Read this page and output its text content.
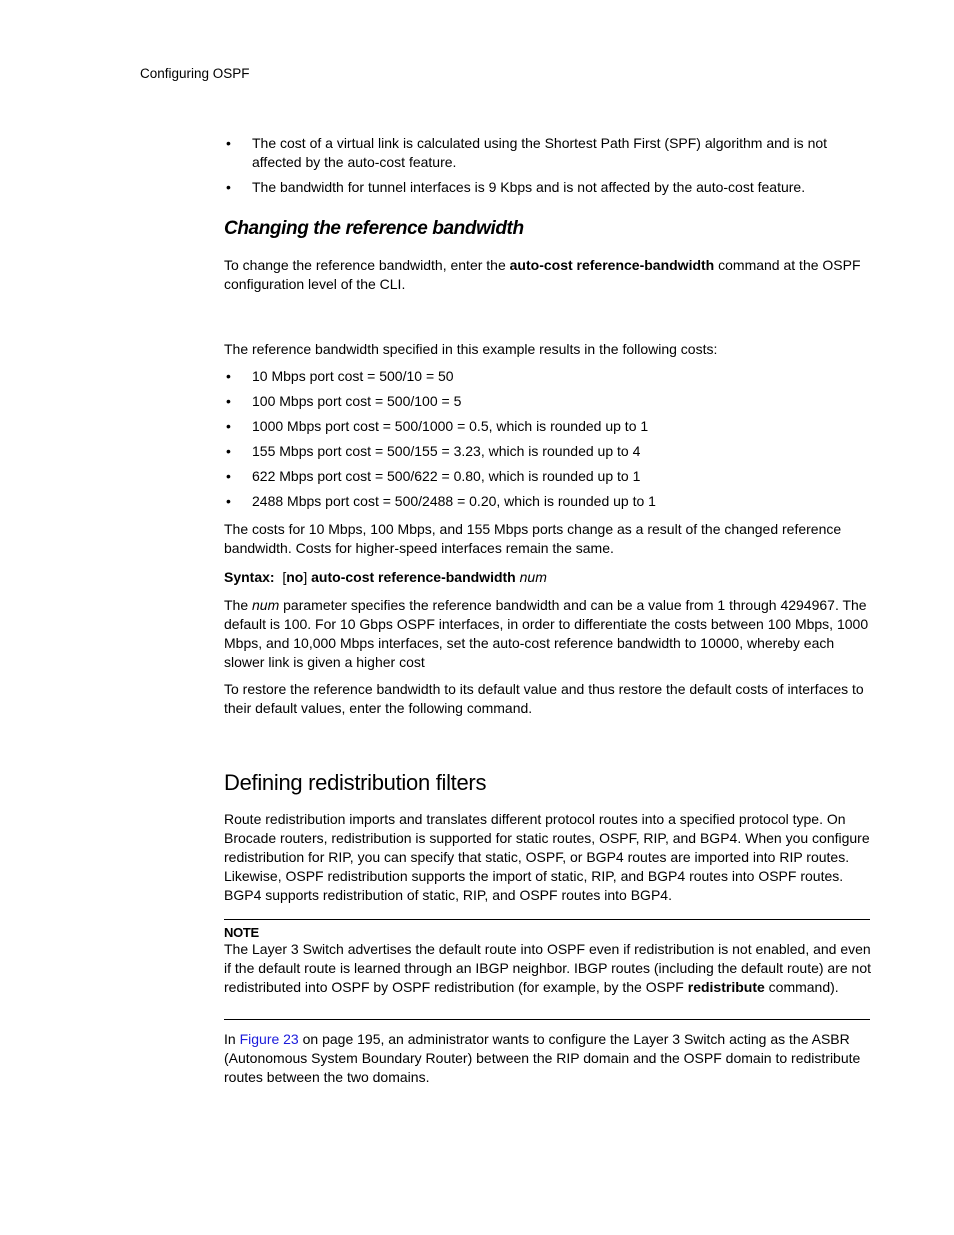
Configuring OSPF
• The cost of a virtual link is calculated using the Shortest Path First (SPF) algorithm and is not affected by the auto-cost feature.
• The bandwidth for tunnel interfaces is 9 Kbps and is not affected by the auto-cost feature.
Changing the reference bandwidth

To change the reference bandwidth, enter the auto-cost reference-bandwidth command at the OSPF configuration level of the CLI.

The reference bandwidth specified in this example results in the following costs:

• 10 Mbps port cost = 500/10 = 50
• 100 Mbps port cost = 500/100 = 5
• 1000 Mbps port cost = 500/1000 = 0.5, which is rounded up to 1
• 155 Mbps port cost = 500/155 = 3.23, which is rounded up to 4
• 622 Mbps port cost = 500/622 = 0.80, which is rounded up to 1
• 2488 Mbps port cost = 500/2488 = 0.20, which is rounded up to 1

The costs for 10 Mbps, 100 Mbps, and 155 Mbps ports change as a result of the changed reference bandwidth. Costs for higher-speed interfaces remain the same.

Syntax:  [no] auto-cost reference-bandwidth num

The num parameter specifies the reference bandwidth and can be a value from 1 through 4294967. The default is 100. For 10 Gbps OSPF interfaces, in order to differentiate the costs between 100 Mbps, 1000 Mbps, and 10,000 Mbps interfaces, set the auto-cost reference bandwidth to 10000, whereby each slower link is given a higher cost

To restore the reference bandwidth to its default value and thus restore the default costs of interfaces to their default values, enter the following command.

Defining redistribution filters

Route redistribution imports and translates different protocol routes into a specified protocol type. On Brocade routers, redistribution is supported for static routes, OSPF, RIP, and BGP4. When you configure redistribution for RIP, you can specify that static, OSPF, or BGP4 routes are imported into RIP routes. Likewise, OSPF redistribution supports the import of static, RIP, and BGP4 routes into OSPF routes. BGP4 supports redistribution of static, RIP, and OSPF routes into BGP4.

NOTE

The Layer 3 Switch advertises the default route into OSPF even if redistribution is not enabled, and even if the default route is learned through an IBGP neighbor. IBGP routes (including the default route) are not redistributed into OSPF by OSPF redistribution (for example, by the OSPF redistribute command).

In Figure 23 on page 195, an administrator wants to configure the Layer 3 Switch acting as the ASBR (Autonomous System Boundary Router) between the RIP domain and the OSPF domain to redistribute routes between the two domains.
